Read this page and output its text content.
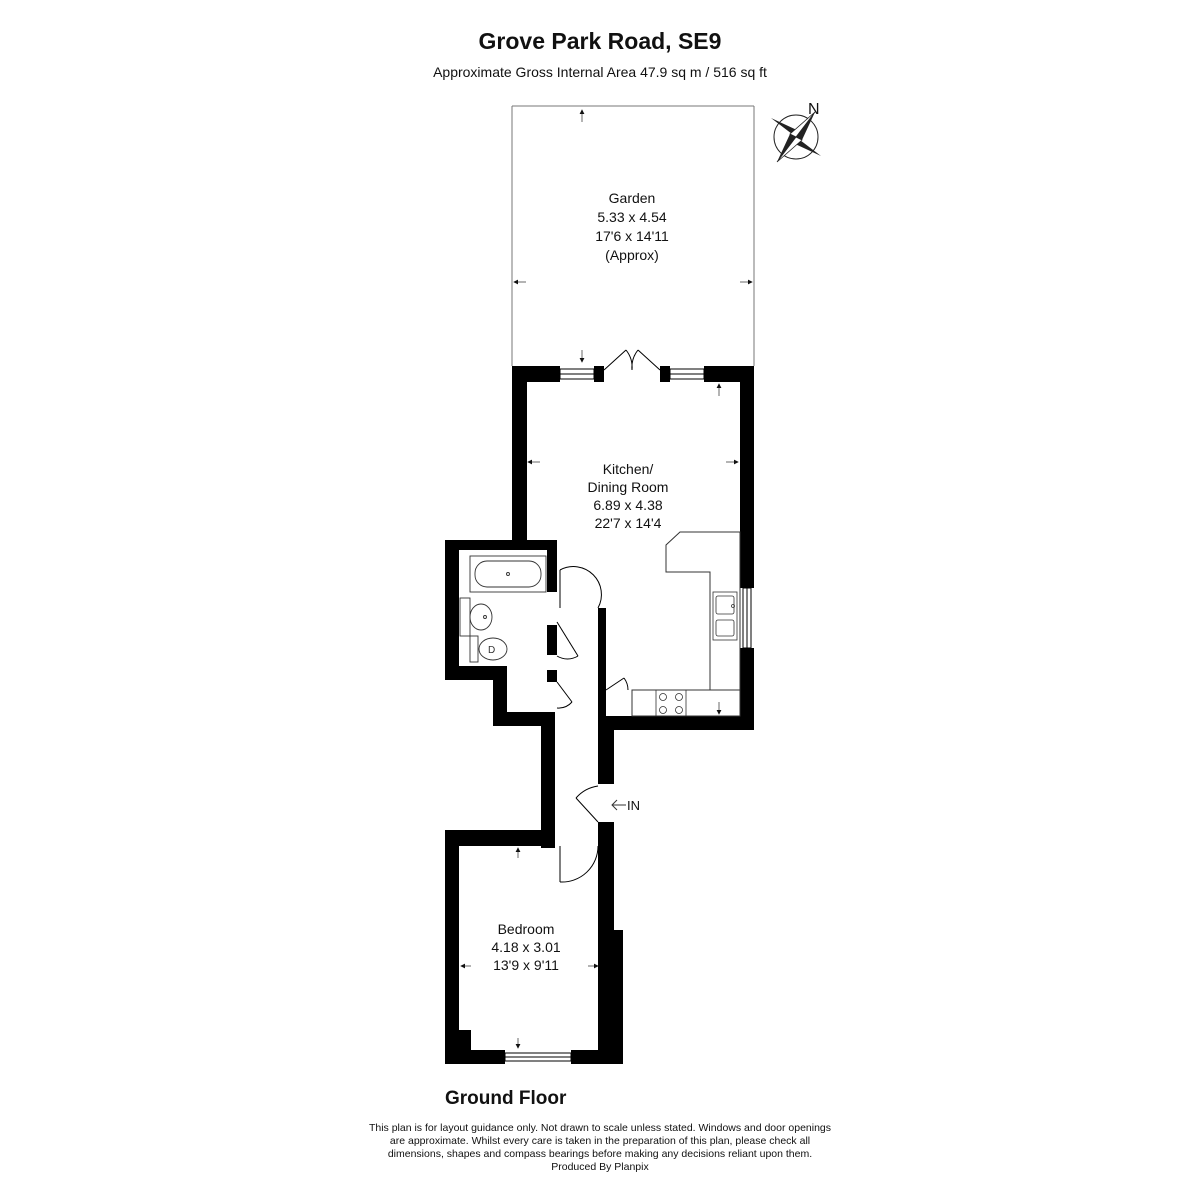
Grove Park Road, SE9
Approximate Gross Internal Area 47.9 sq m / 516 sq ft
N
D
IN
Garden
5.33 x 4.54
17'6 x 14'11
(Approx)
Kitchen/
Dining Room
6.89 x 4.38
22'7 x 14'4
Bedroom
4.18 x 3.01
13'9 x 9'11
Ground Floor
This plan is for layout guidance only. Not drawn to scale unless stated. Windows and door openings
are approximate. Whilst every care is taken in the preparation of this plan, please check all
dimensions, shapes and compass bearings before making any decisions reliant upon them.
Produced By Planpix
